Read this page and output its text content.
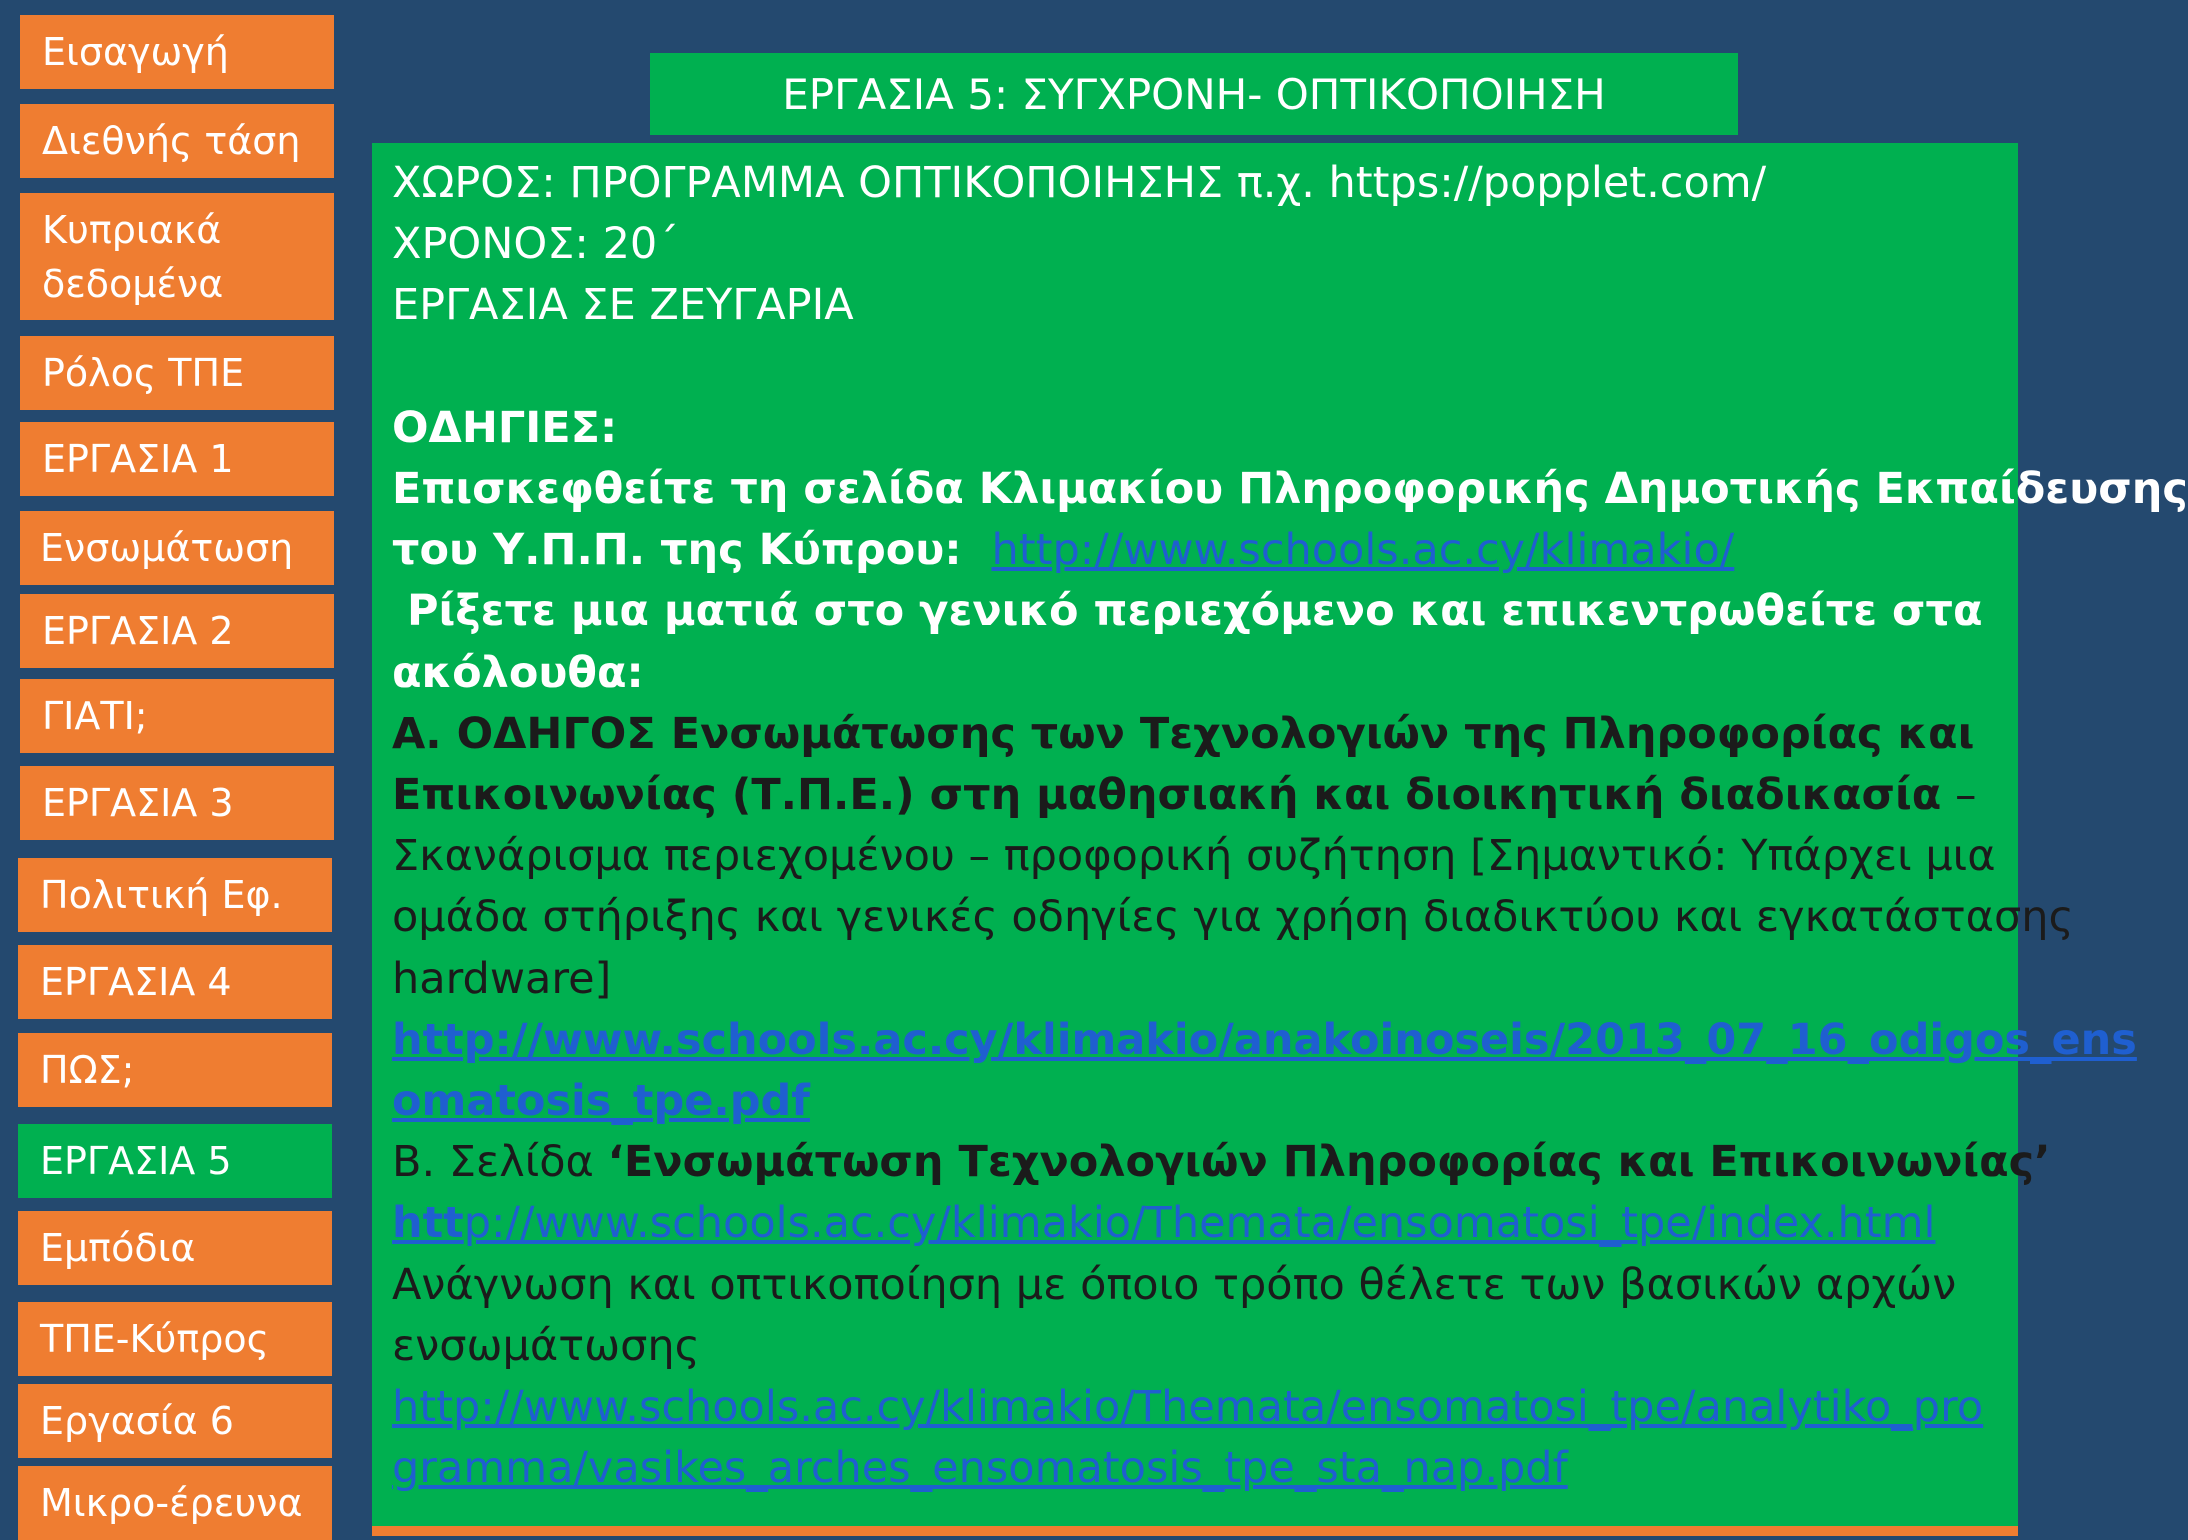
Εισαγωγή
Διεθνής τάση
Κυπριακά δεδομένα
Ρόλος ΤΠΕ
ΕΡΓΑΣΙΑ 1
Ενσωμάτωση
ΕΡΓΑΣΙΑ 2
ΓΙΑΤΙ;
ΕΡΓΑΣΙΑ 3
Πολιτική Εφ.
ΕΡΓΑΣΙΑ 4
ΠΩΣ;
ΕΡΓΑΣΙΑ 5
Εμπόδια
ΤΠΕ-Κύπρος
Εργασία 6
Μικρο-έρευνα
ΕΡΓΑΣΙΑ 5: ΣΥΓΧΡΟΝΗ- ΟΠΤΙΚΟΠΟΙΗΣΗ
ΧΩΡΟΣ: ΠΡΟΓΡΑΜΜΑ ΟΠΤΙΚΟΠΟΙΗΣΗΣ π.χ. https://popplet.com/
ΧΡΟΝΟΣ: 20΄
ΕΡΓΑΣΙΑ ΣΕ ΖΕΥΓΑΡΙΑ
ΟΔΗΓΙΕΣ:
Επισκεφθείτε τη σελίδα Κλιμακίου Πληροφορικής Δημοτικής Εκπαίδευσης
του Υ.Π.Π. της Κύπρου:  http://www.schools.ac.cy/klimakio/
Ρίξετε μια ματιά στο γενικό περιεχόμενο και επικεντρωθείτε στα
ακόλουθα:
Α. ΟΔΗΓΟΣ Ενσωμάτωσης των Τεχνολογιών της Πληροφορίας και
Επικοινωνίας (Τ.Π.Ε.) στη μαθησιακή και διοικητική διαδικασία –
Σκανάρισμα περιεχομένου – προφορική συζήτηση [Σημαντικό: Υπάρχει μια
ομάδα στήριξης και γενικές οδηγίες για χρήση διαδικτύου και εγκατάστασης
hardware]
http://www.schools.ac.cy/klimakio/anakoinoseis/2013_07_16_odigos_ens
omatosis_tpe.pdf
Β. Σελίδα ‘Ενσωμάτωση Τεχνολογιών Πληροφορίας και Επικοινωνίας’
http://www.schools.ac.cy/klimakio/Themata/ensomatosi_tpe/index.html
Ανάγνωση και οπτικοποίηση με όποιο τρόπο θέλετε των βασικών αρχών
ενσωμάτωσης
http://www.schools.ac.cy/klimakio/Themata/ensomatosi_tpe/analytiko_pro
gramma/vasikes_arches_ensomatosis_tpe_sta_nap.pdf
